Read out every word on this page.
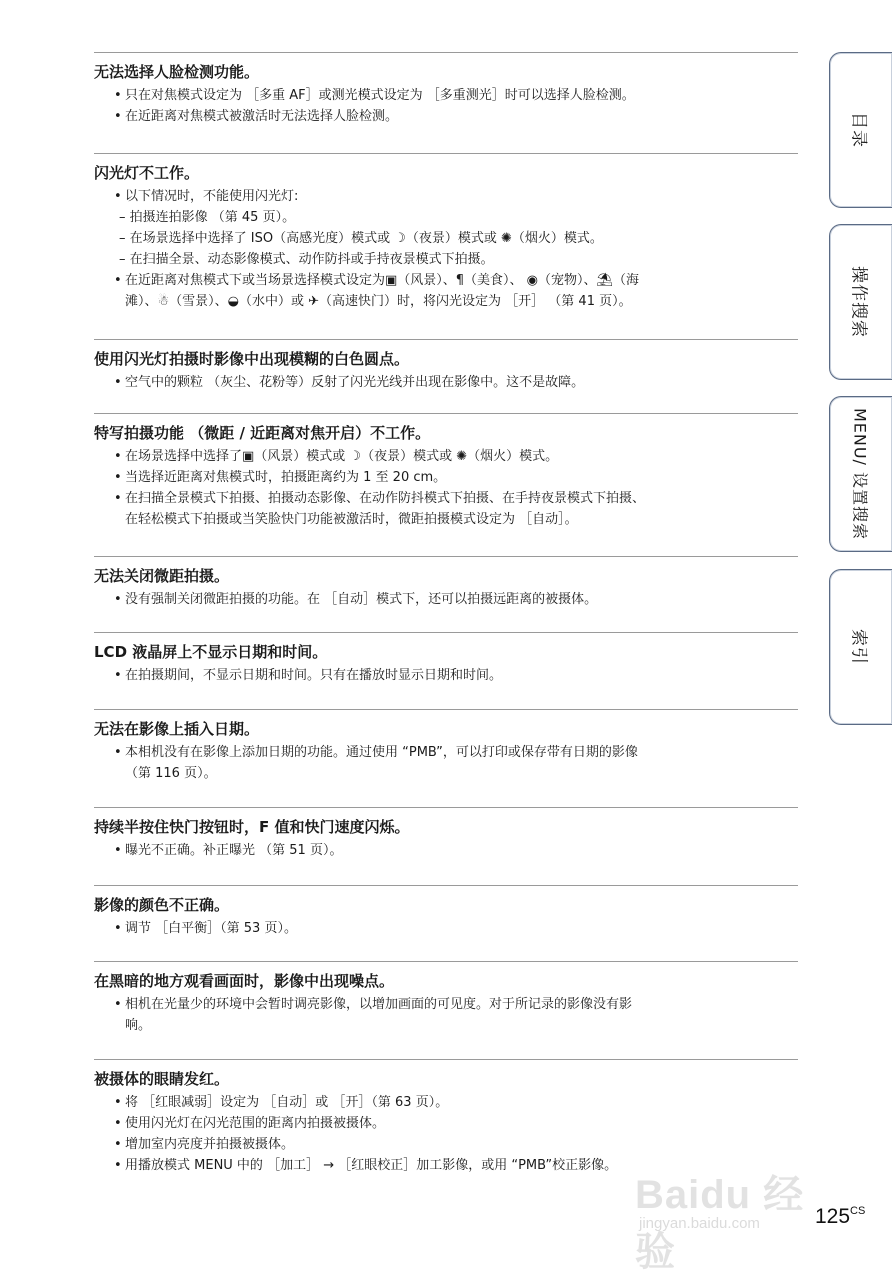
无法选择人脸检测功能。
• 只在对焦模式设定为 ［多重 AF］或测光模式设定为 ［多重测光］时可以选择人脸检测。
• 在近距离对焦模式被激活时无法选择人脸检测。
闪光灯不工作。
• 以下情况时，不能使用闪光灯:
– 拍摄连拍影像 （第 45 页）。
– 在场景选择中选择了 ISO（高感光度）模式或 ☽（夜景）模式或 ✺（烟火）模式。
– 在扫描全景、动态影像模式、动作防抖或手持夜景模式下拍摄。
• 在近距离对焦模式下或当场景选择模式设定为▣（风景）、¶（美食）、 ◉（宠物）、⛱（海
滩）、☃（雪景）、◒（水中）或 ✈（高速快门）时，将闪光设定为 ［开］ （第 41 页）。
使用闪光灯拍摄时影像中出现模糊的白色圆点。
• 空气中的颗粒 （灰尘、花粉等）反射了闪光光线并出现在影像中。这不是故障。
特写拍摄功能 （微距 / 近距离对焦开启）不工作。
• 在场景选择中选择了▣（风景）模式或 ☽（夜景）模式或 ✺（烟火）模式。
• 当选择近距离对焦模式时，拍摄距离约为 1 至 20 cm。
• 在扫描全景模式下拍摄、拍摄动态影像、在动作防抖模式下拍摄、在手持夜景模式下拍摄、
在轻松模式下拍摄或当笑脸快门功能被激活时，微距拍摄模式设定为 ［自动］。
无法关闭微距拍摄。
• 没有强制关闭微距拍摄的功能。在 ［自动］模式下，还可以拍摄远距离的被摄体。
LCD 液晶屏上不显示日期和时间。
• 在拍摄期间，不显示日期和时间。只有在播放时显示日期和时间。
无法在影像上插入日期。
• 本相机没有在影像上添加日期的功能。通过使用 “PMB”，可以打印或保存带有日期的影像
（第 116 页）。
持续半按住快门按钮时，F 值和快门速度闪烁。
• 曝光不正确。补正曝光 （第 51 页）。
影像的颜色不正确。
• 调节 ［白平衡］（第 53 页）。
在黑暗的地方观看画面时，影像中出现噪点。
• 相机在光量少的环境中会暂时调亮影像，以增加画面的可见度。对于所记录的影像没有影
响。
被摄体的眼睛发红。
• 将 ［红眼减弱］设定为 ［自动］或 ［开］（第 63 页）。
• 使用闪光灯在闪光范围的距离内拍摄被摄体。
• 增加室内亮度并拍摄被摄体。
• 用播放模式 MENU 中的 ［加工］ → ［红眼校正］加工影像，或用 “PMB”校正影像。
目录
操作搜索
MENU/ 设置搜索
索引
Baidu 经验
jingyan.baidu.com	$125^{CS}$
